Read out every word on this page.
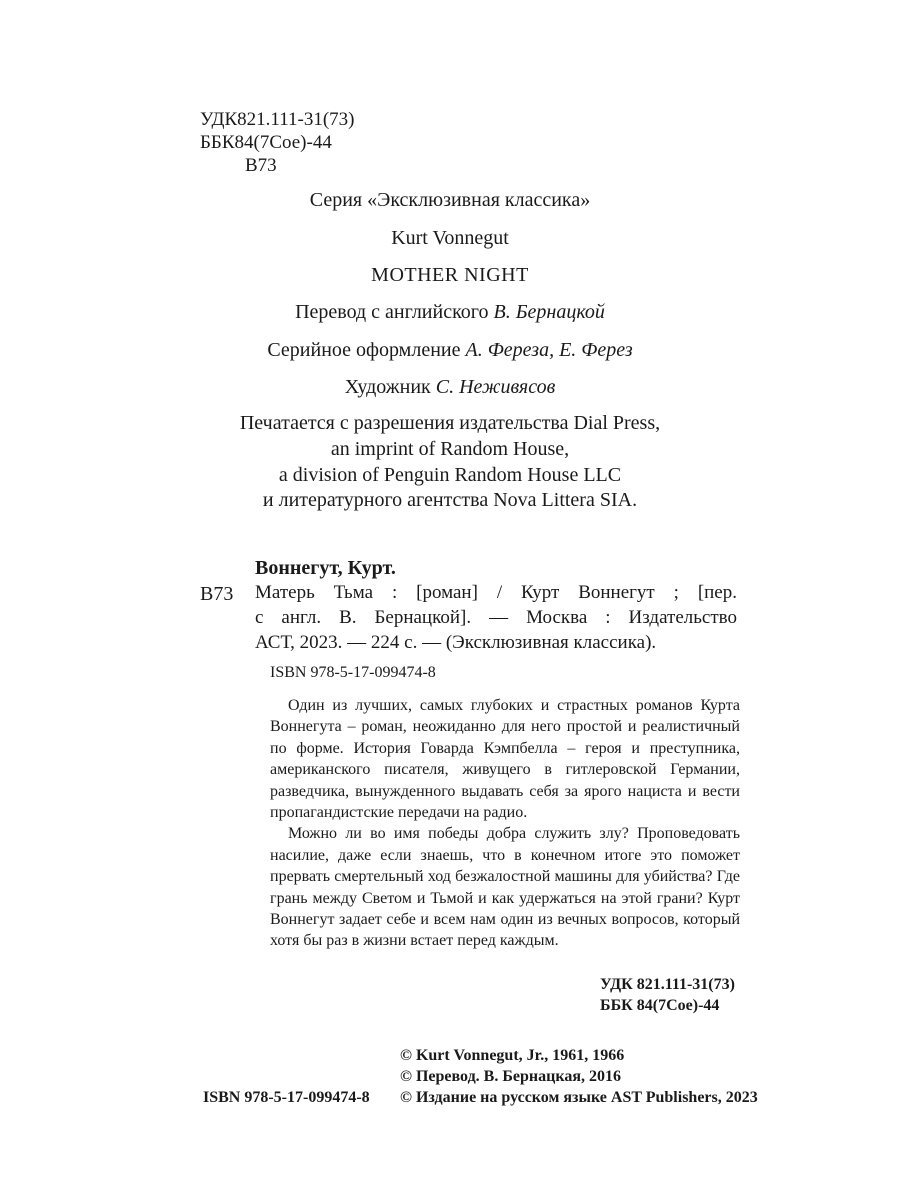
УДК821.111-31(73)
ББК84(7Сое)-44
В73
Серия «Эксклюзивная классика»
Kurt Vonnegut
MOTHER NIGHT
Перевод с английского В. Бернацкой
Серийное оформление А. Фереза, Е. Ферез
Художник С. Неживясов
Печатается с разрешения издательства Dial Press,
an imprint of Random House,
a division of Penguin Random House LLC
и литературного агентства Nova Littera SIA.
Воннегут, Курт.
В73 Матерь Тьма : [роман] / Курт Воннегут ; [пер.
с англ. В. Бернацкой]. — Москва : Издательство
АСТ, 2023. — 224 с. — (Эксклюзивная классика).
ISBN 978-5-17-099474-8

Один из лучших, самых глубоких и страстных романов Курта Воннегута – роман, неожиданно для него простой и реалистичный по форме. История Говарда Кэмпбелла – героя и преступника, американского писателя, живущего в гитлеровской Германии, разведчика, вынужденного выдавать себя за ярого нациста и вести пропагандистские передачи на радио.

Можно ли во имя победы добра служить злу? Проповедовать насилие, даже если знаешь, что в конечном итоге это поможет прервать смертельный ход безжалостной машины для убийства? Где грань между Светом и Тьмой и как удержаться на этой грани? Курт Воннегут задает себе и всем нам один из вечных вопросов, который хотя бы раз в жизни встает перед каждым.

УДК 821.111-31(73)
ББК 84(7Сое)-44
© Kurt Vonnegut, Jr., 1961, 1966
© Перевод. В. Бернацкая, 2016
ISBN 978-5-17-099474-8 © Издание на русском языке AST Publishers, 2023
